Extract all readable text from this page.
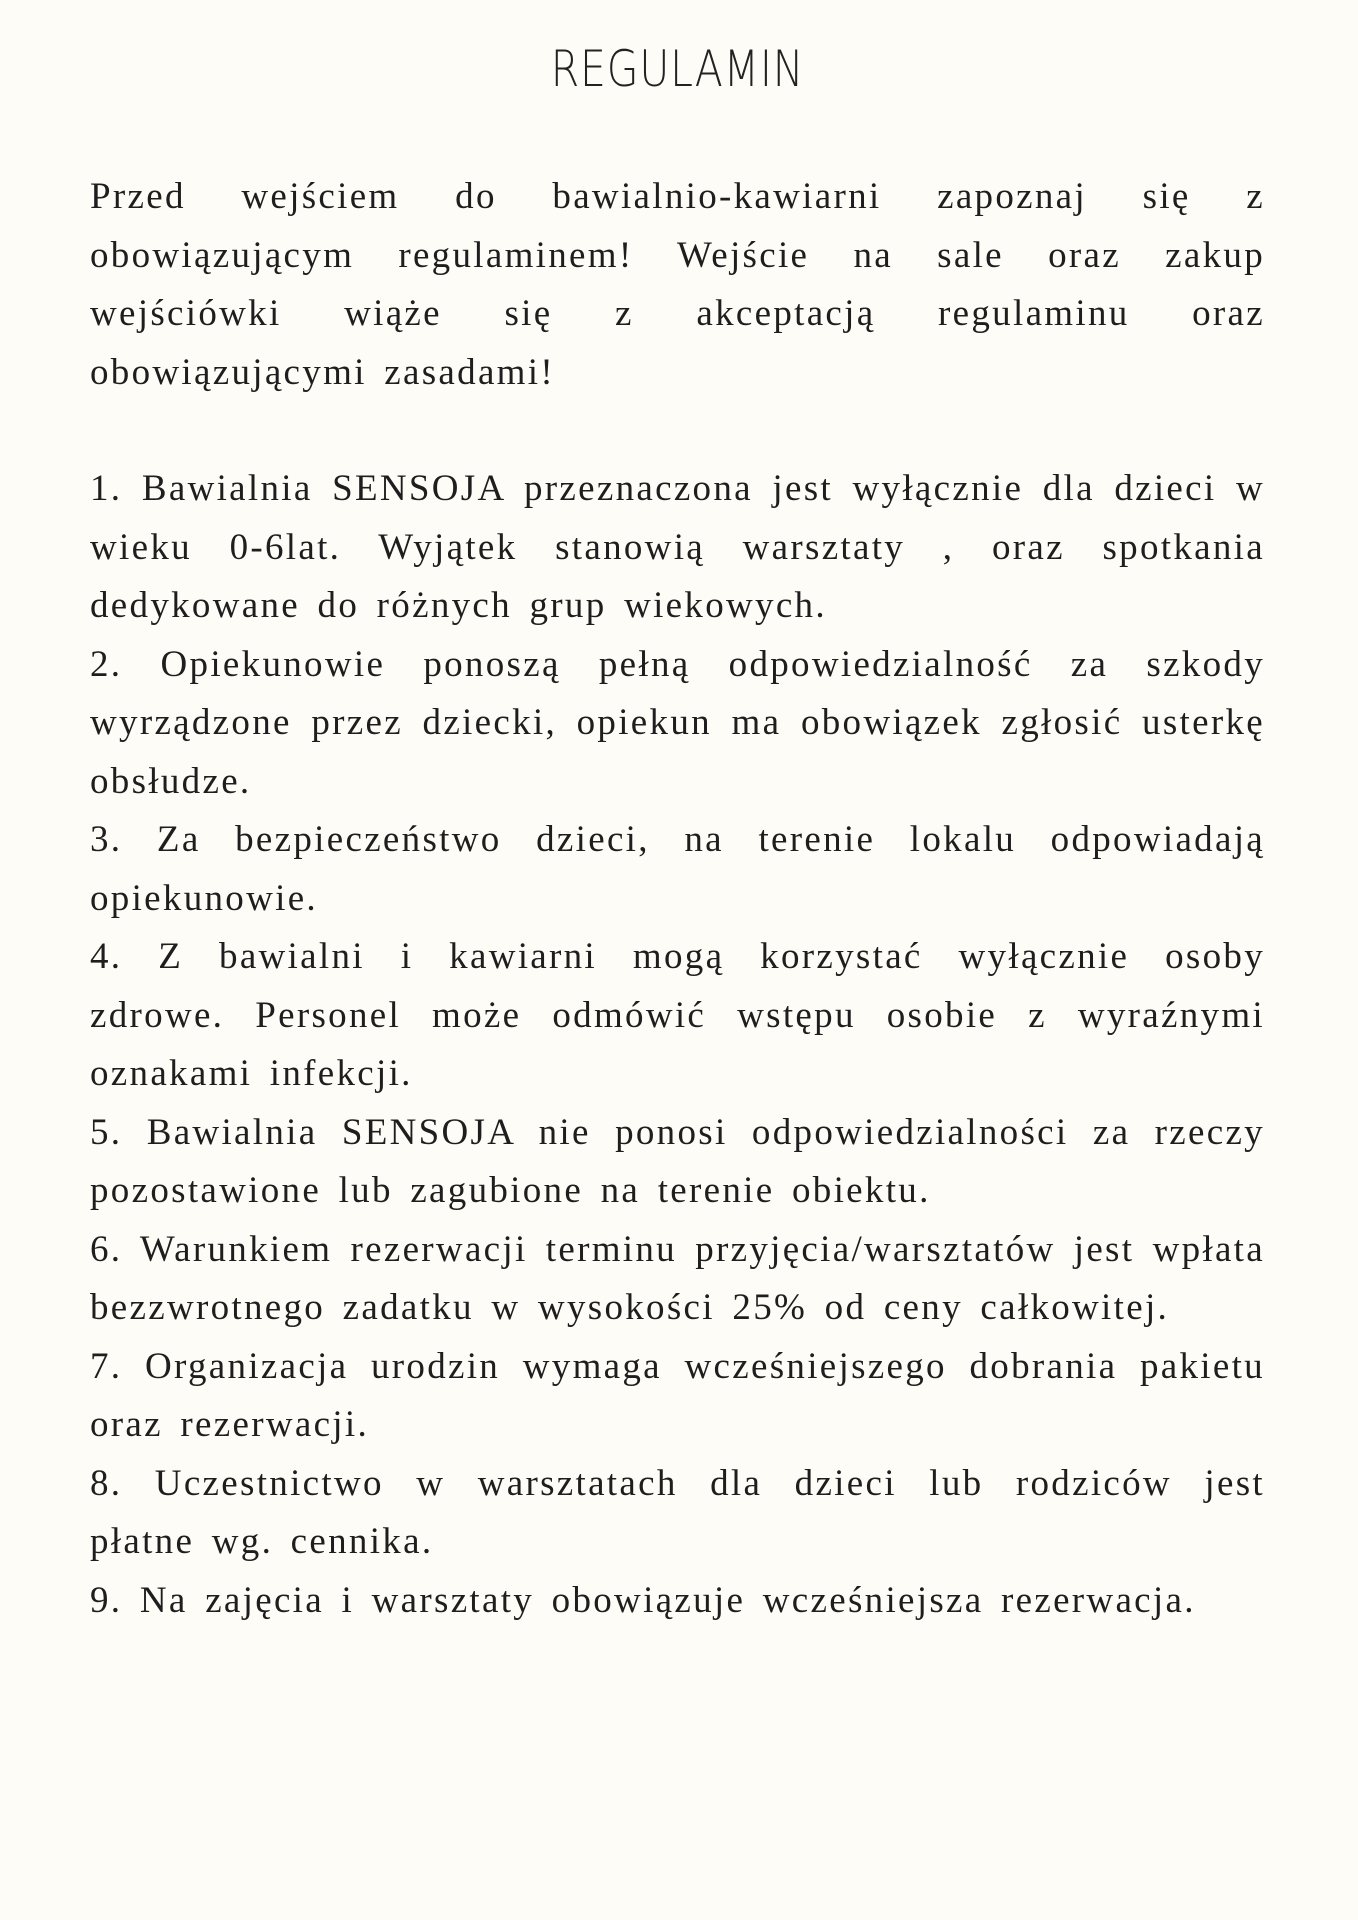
REGULAMIN

Przed wejściem do bawialnio-kawiarni zapoznaj się z obowiązującym regulaminem! Wejście na sale oraz zakup wejściówki wiąże się z akceptacją regulaminu oraz obowiązującymi zasadami!

1. Bawialnia SENSOJA przeznaczona jest wyłącznie dla dzieci w wieku 0-6lat. Wyjątek stanowią warsztaty , oraz spotkania dedykowane do różnych grup wiekowych.

2. Opiekunowie ponoszą pełną odpowiedzialność za szkody wyrządzone przez dziecki, opiekun ma obowiązek zgłosić usterkę obsłudze.

3. Za bezpieczeństwo dzieci, na terenie lokalu odpowiadają opiekunowie.

4. Z bawialni i kawiarni mogą korzystać wyłącznie osoby zdrowe. Personel może odmówić wstępu osobie z wyraźnymi oznakami infekcji.

5. Bawialnia SENSOJA nie ponosi odpowiedzialności za rzeczy pozostawione lub zagubione na terenie obiektu.

6. Warunkiem rezerwacji terminu przyjęcia/warsztatów jest wpłata bezzwrotnego zadatku w wysokości 25% od ceny całkowitej.

7. Organizacja urodzin wymaga wcześniejszego dobrania pakietu oraz rezerwacji.

8. Uczestnictwo w warsztatach dla dzieci lub rodziców jest płatne wg. cennika.

9. Na zajęcia i warsztaty obowiązuje wcześniejsza rezerwacja.
